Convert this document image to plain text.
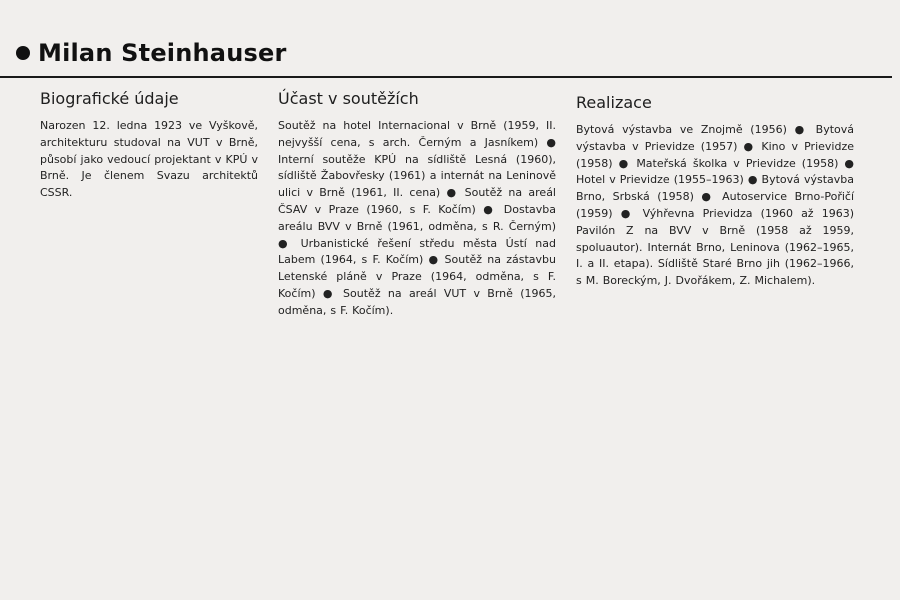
Milan Steinhauser
Biografické údaje
Narozen 12. ledna 1923 ve Vyškově, architekturu studoval na VUT v Brně, působí jako vedoucí projektant v KPÚ v Brně. Je členem Svazu architektů CSSR.
Účast v soutěžích
Soutěž na hotel Internacional v Brně (1959, II. nejvyšší cena, s arch. Černým a Jasníkem) ● Interní soutěže KPÚ na sídliště Lesná (1960), sídliště Žabovřesky (1961) a internát na Leninově ulici v Brně (1961, II. cena) ● Soutěž na areál ČSAV v Praze (1960, s F. Kočím) ● Dostavba areálu BVV v Brně (1961, odměna, s R. Černým) ● Urbanistické řešení středu města Ústí nad Labem (1964, s F. Kočím) ● Soutěž na zástavbu Letenské pláně v Praze (1964, odměna, s F. Kočím) ● Soutěž na areál VUT v Brně (1965, odměna, s F. Kočím).
Realizace
Bytová výstavba ve Znojmě (1956) ● Bytová výstavba v Prievidze (1957) ● Kino v Prievidze (1958) ● Mateřská školka v Prievidze (1958) ● Hotel v Prievidze (1955–1963) ● Bytová výstavba Brno, Srbská (1958) ● Autoservice Brno-Pořičí (1959) ● Výhřevna Prievidza (1960 až 1963) Pavilón Z na BVV v Brně (1958 až 1959, spoluautor). Internát Brno, Leninova (1962–1965, I. a II. etapa). Sídliště Staré Brno jih (1962–1966, s M. Boreckým, J. Dvořákem, Z. Michalem).
